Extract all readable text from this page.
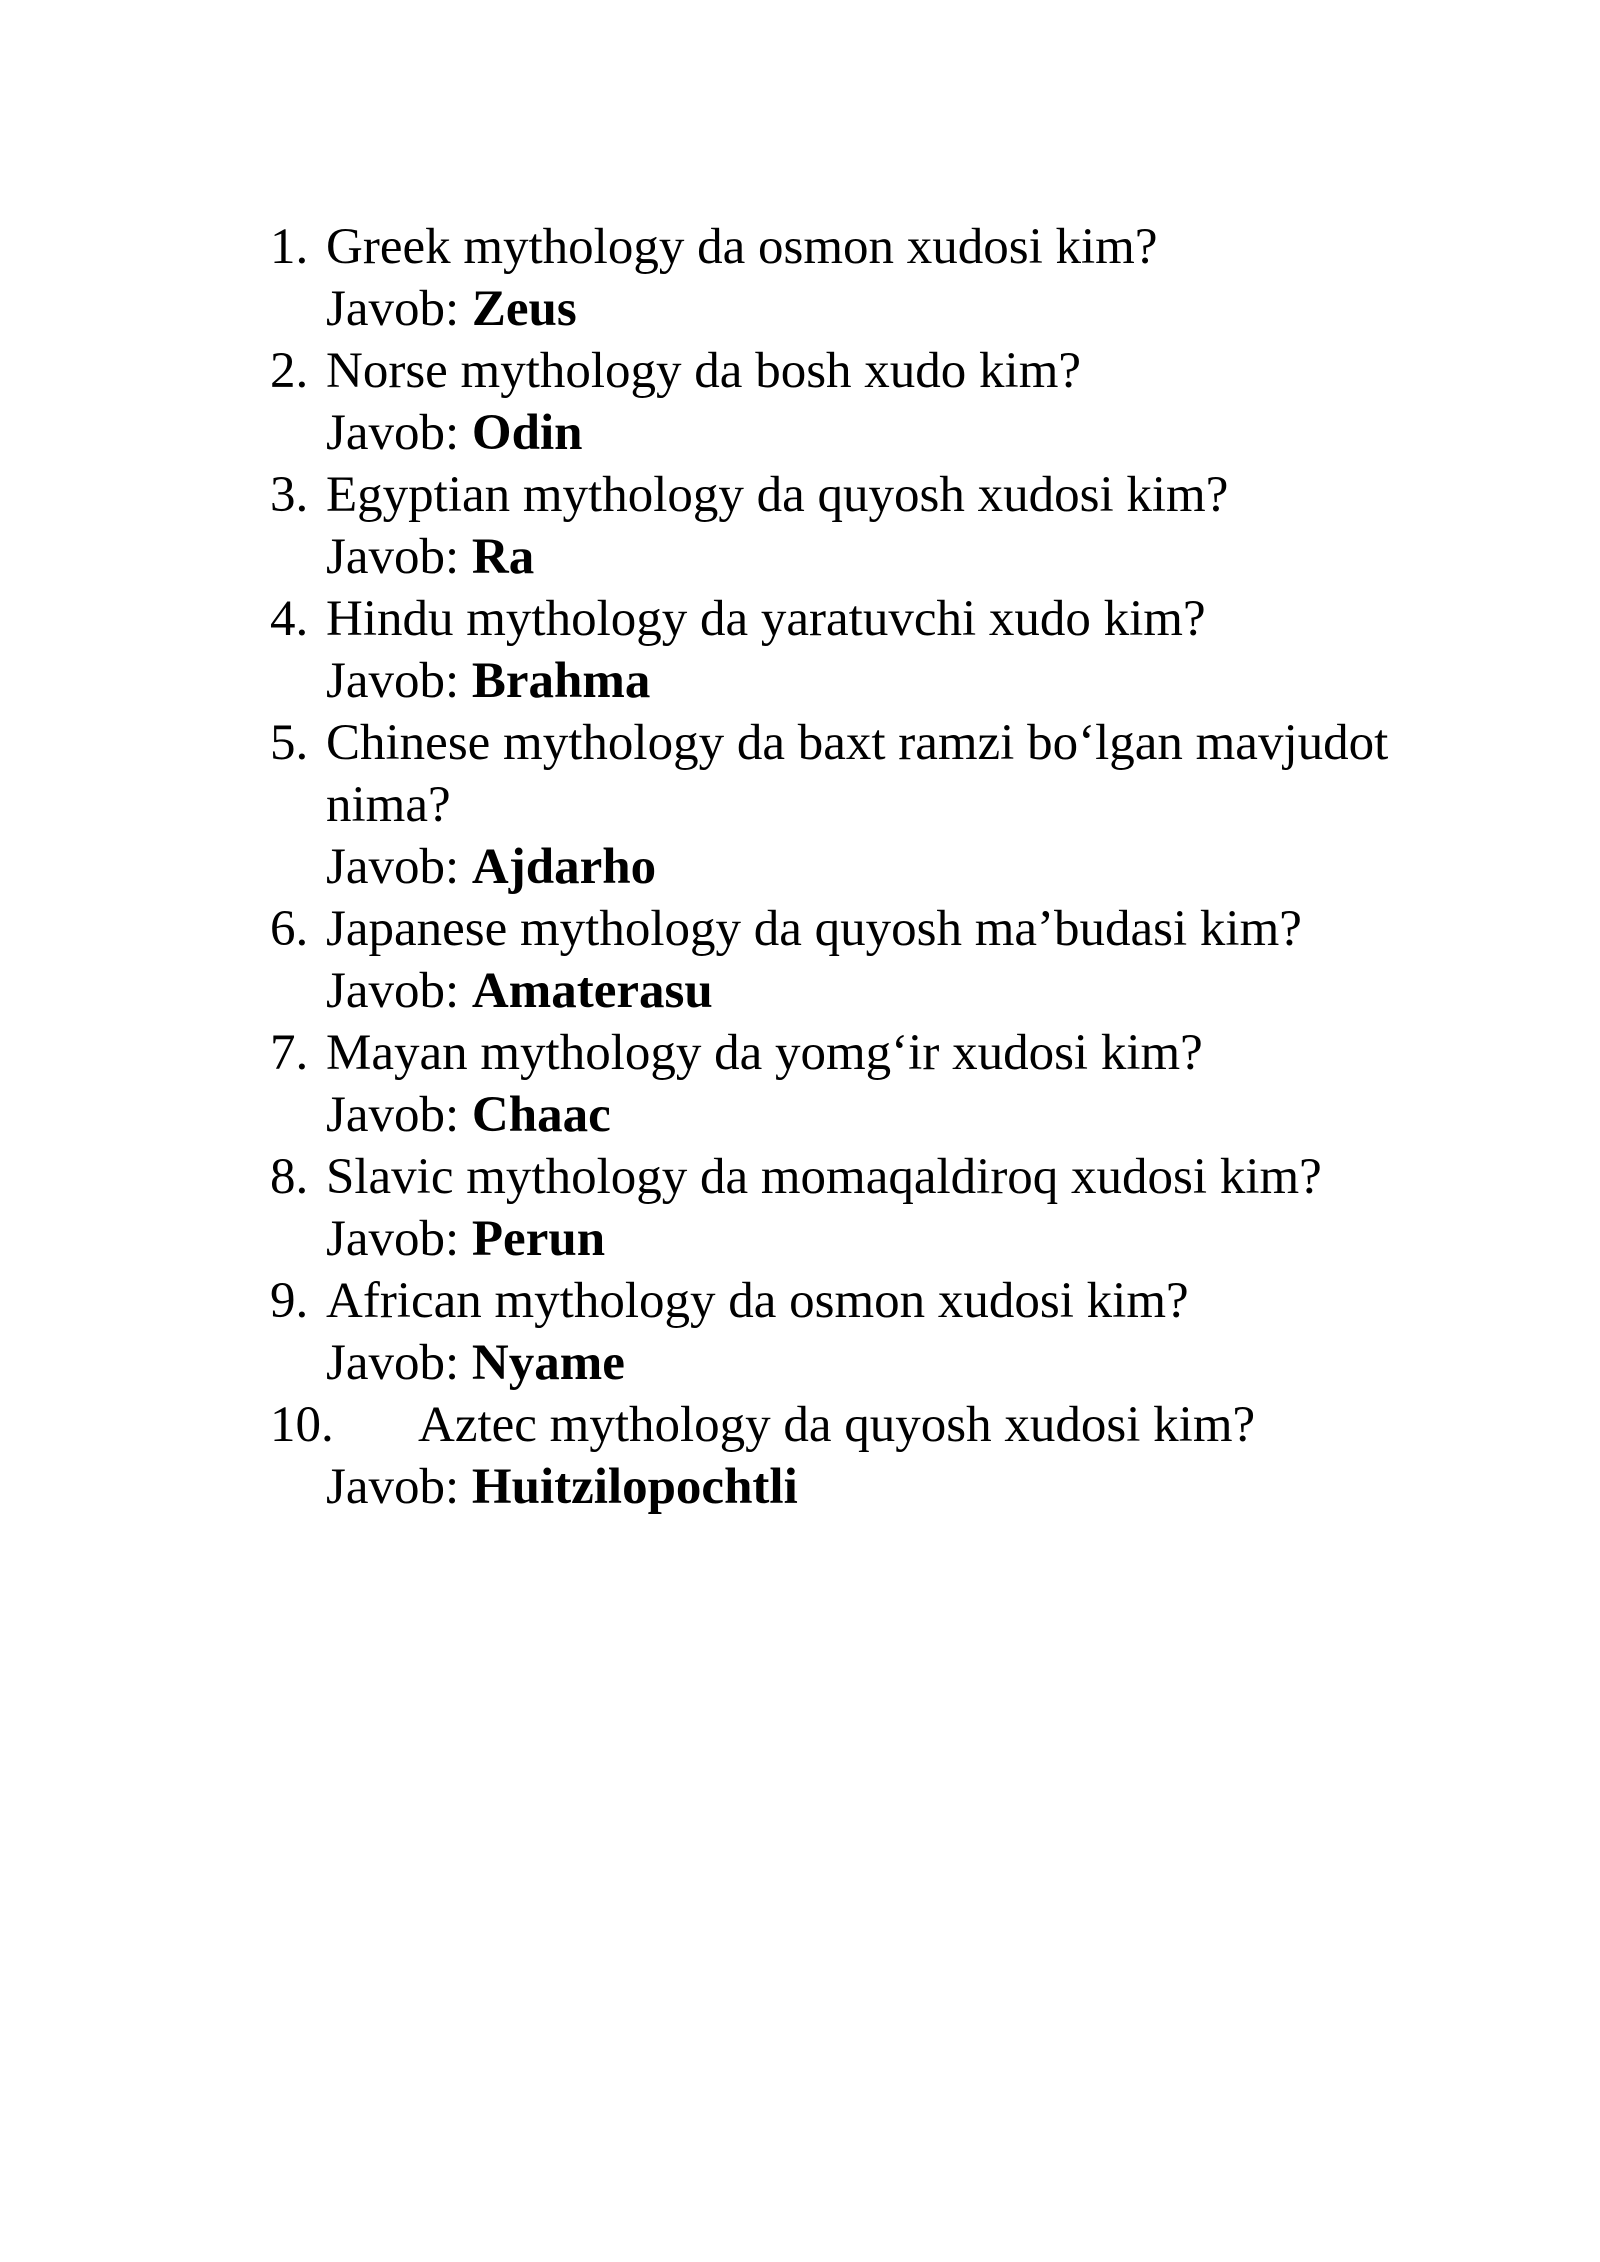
1. Greek mythology da osmon xudosi kim?
Javob: Zeus
2. Norse mythology da bosh xudo kim?
Javob: Odin
3. Egyptian mythology da quyosh xudosi kim?
Javob: Ra
4. Hindu mythology da yaratuvchi xudo kim?
Javob: Brahma
5. Chinese mythology da baxt ramzi bo‘lgan mavjudot nima?
Javob: Ajdarho
6. Japanese mythology da quyosh ma’budasi kim?
Javob: Amaterasu
7. Mayan mythology da yomg‘ir xudosi kim?
Javob: Chaac
8. Slavic mythology da momaqaldiroq xudosi kim?
Javob: Perun
9. African mythology da osmon xudosi kim?
Javob: Nyame
10. Aztec mythology da quyosh xudosi kim?
Javob: Huitzilopochtli
